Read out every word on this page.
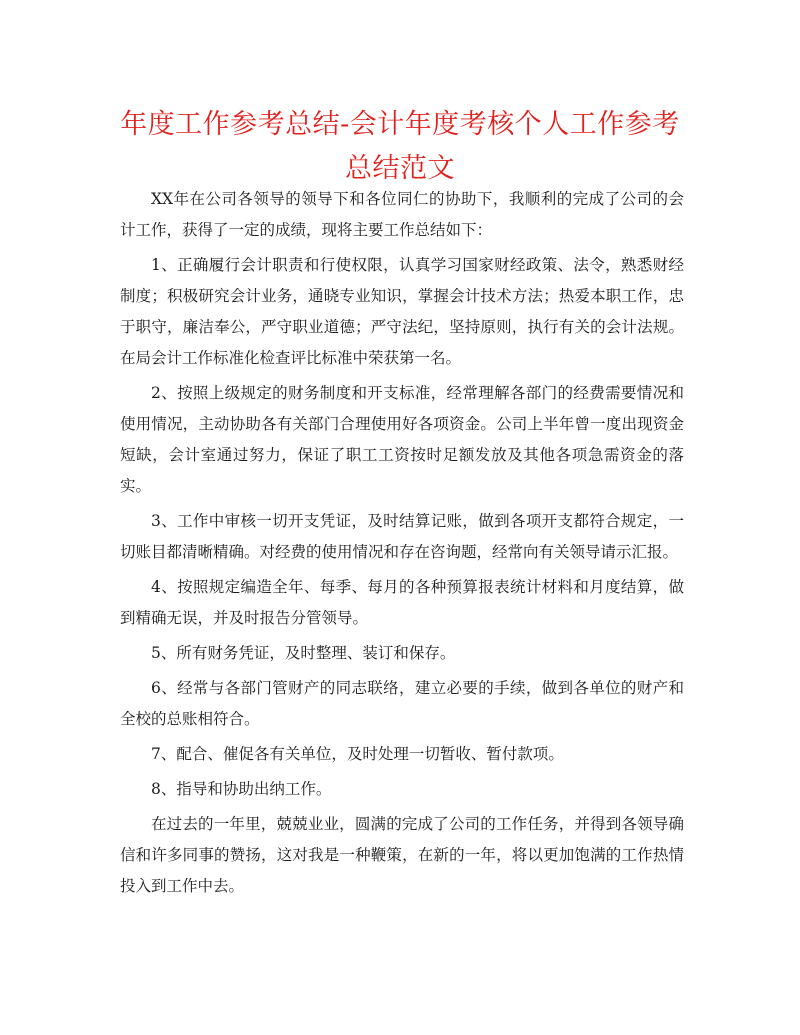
年度工作参考总结-会计年度考核个人工作参考总结范文

XX年在公司各领导的领导下和各位同仁的协助下，我顺利的完成了公司的会计工作，获得了一定的成绩，现将主要工作总结如下：

1、正确履行会计职责和行使权限，认真学习国家财经政策、法令，熟悉财经制度；积极研究会计业务，通晓专业知识，掌握会计技术方法；热爱本职工作，忠于职守，廉洁奉公，严守职业道德；严守法纪，坚持原则，执行有关的会计法规。在局会计工作标准化检查评比标准中荣获第一名。

2、按照上级规定的财务制度和开支标准，经常理解各部门的经费需要情况和使用情况，主动协助各有关部门合理使用好各项资金。公司上半年曾一度出现资金短缺，会计室通过努力，保证了职工工资按时足额发放及其他各项急需资金的落实。

3、工作中审核一切开支凭证，及时结算记账，做到各项开支都符合规定，一切账目都清晰精确。对经费的使用情况和存在咨询题，经常向有关领导请示汇报。

4、按照规定编造全年、每季、每月的各种预算报表统计材料和月度结算，做到精确无误，并及时报告分管领导。

5、所有财务凭证，及时整理、装订和保存。

6、经常与各部门管财产的同志联络，建立必要的手续，做到各单位的财产和全校的总账相符合。

7、配合、催促各有关单位，及时处理一切暂收、暂付款项。

8、指导和协助出纳工作。

在过去的一年里，兢兢业业，圆满的完成了公司的工作任务，并得到各领导确信和许多同事的赞扬，这对我是一种鞭策，在新的一年，将以更加饱满的工作热情投入到工作中去。
